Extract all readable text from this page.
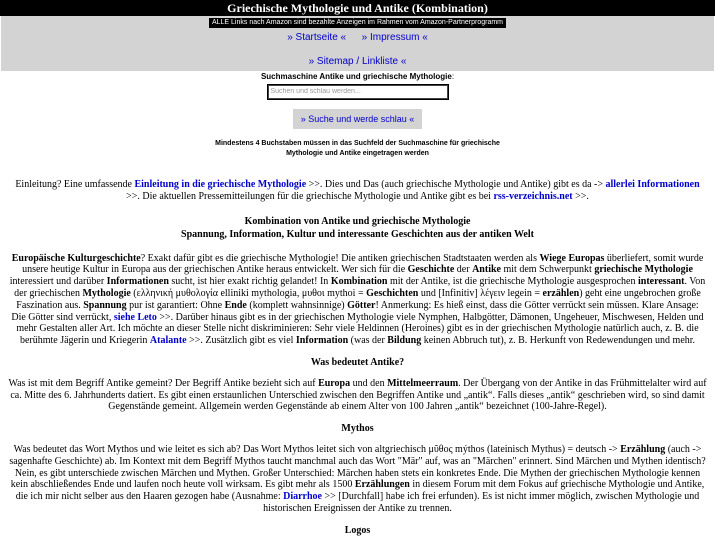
Griechische Mythologie und Antike (Kombination)
ALLE Links nach Amazon sind bezahlte Anzeigen im Rahmen vom Amazon-Partnerprogramm
» Startseite « » Impressum «
» Sitemap / Linkliste «
Suchmaschine Antike und griechische Mythologie:
Suchen und schlau werden...
» Suche und werde schlau «
Mindestens 4 Buchstaben müssen in das Suchfeld der Suchmaschine für griechische Mythologie und Antike eingetragen werden

Einleitung? Eine umfassende Einleitung in die griechische Mythologie >>. Dies und Das (auch griechische Mythologie und Antike) gibt es da -> allerlei Informationen >>. Die aktuellen Pressemitteilungen für die griechische Mythologie und Antike gibt es bei rss-verzeichnis.net >>.

Kombination von Antike und griechische Mythologie
Spannung, Information, Kultur und interessante Geschichten aus der antiken Welt

Europäische Kulturgeschichte? Exakt dafür gibt es die griechische Mythologie! Die antiken griechischen Stadtstaaten werden als Wiege Europas überliefert, somit wurde unsere heutige Kultur in Europa aus der griechischen Antike heraus entwickelt. Wer sich für die Geschichte der Antike mit dem Schwerpunkt griechische Mythologie interessiert und darüber Informationen sucht, ist hier exakt richtig gelandet! In Kombination mit der Antike, ist die griechische Mythologie ausgesprochen interessant. Von der griechischen Mythologie (ελληνική μυθολογία elliniki mythologia, μυθοι mythoi = Geschichten und [Infinitiv] λέγειν legein = erzählen) geht eine ungebrochen große Faszination aus. Spannung pur ist garantiert: Ohne Ende (komplett wahnsinnige) Götter! Anmerkung: Es hieß einst, dass die Götter verrückt sein müssen. Klare Ansage: Die Götter sind verrückt, siehe Leto >>. Darüber hinaus gibt es in der griechischen Mythologie viele Nymphen, Halbgötter, Dämonen, Ungeheuer, Mischwesen, Helden und mehr Gestalten aller Art. Ich möchte an dieser Stelle nicht diskriminieren: Sehr viele Heldinnen (Heroines) gibt es in der griechischen Mythologie natürlich auch, z. B. die berühmte Jägerin und Kriegerin Atalante >>. Zusätzlich gibt es viel Information (was der Bildung keinen Abbruch tut), z. B. Herkunft von Redewendungen und mehr.

Was bedeutet Antike?

Was ist mit dem Begriff Antike gemeint? Der Begriff Antike bezieht sich auf Europa und den Mittelmeerraum. Der Übergang von der Antike in das Frühmittelalter wird auf ca. Mitte des 6. Jahrhunderts datiert. Es gibt einen erstaunlichen Unterschied zwischen den Begriffen Antike und „antik“. Falls dieses „antik“ geschrieben wird, so sind damit Gegenstände gemeint. Allgemein werden Gegenstände ab einem Alter von 100 Jahren „antik“ bezeichnet (100-Jahre-Regel).

Mythos

Was bedeutet das Wort Mythos und wie leitet es sich ab? Das Wort Mythos leitet sich von altgriechisch μῦθος mýthos (lateinisch Mythus) = deutsch -> Erzählung (auch -> sagenhafte Geschichte) ab. Im Kontext mit dem Begriff Mythos taucht manchmal auch das Wort "Mär" auf, was an "Märchen" erinnert. Sind Märchen und Mythen identisch? Nein, es gibt unterschiede zwischen Märchen und Mythen. Großer Unterschied: Märchen haben stets ein konkretes Ende. Die Mythen der griechischen Mythologie kennen kein abschließendes Ende und laufen noch heute voll wirksam. Es gibt mehr als 1500 Erzählungen in diesem Forum mit dem Fokus auf griechische Mythologie und Antike, die ich mir nicht selber aus den Haaren gezogen habe (Ausnahme: Diarrhoe >> [Durchfall] habe ich frei erfunden). Es ist nicht immer möglich, zwischen Mythologie und historischen Ereignissen der Antike zu trennen.

Logos
